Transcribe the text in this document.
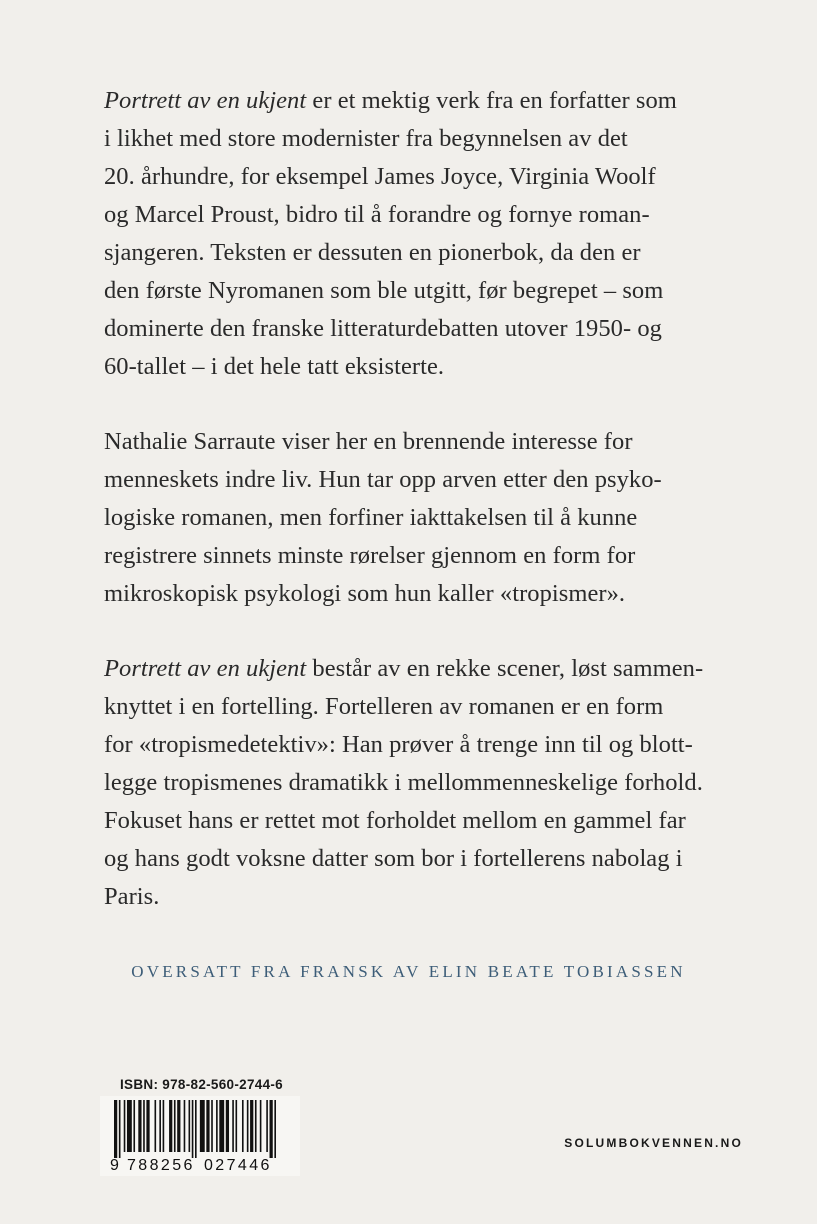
Portrett av en ukjent er et mektig verk fra en forfatter som
i likhet med store modernister fra begynnelsen av det
20. århundre, for eksempel James Joyce, Virginia Woolf
og Marcel Proust, bidro til å forandre og fornye roman-
sjangeren. Teksten er dessuten en pionerbok, da den er
den første Nyromanen som ble utgitt, før begrepet – som
dominerte den franske litteraturdebatten utover 1950- og
60-tallet – i det hele tatt eksisterte.
Nathalie Sarraute viser her en brennende interesse for
menneskets indre liv. Hun tar opp arven etter den psyko-
logiske romanen, men forfiner iakttakelsen til å kunne
registrere sinnets minste rørelser gjennom en form for
mikroskopisk psykologi som hun kaller «tropismer».
Portrett av en ukjent består av en rekke scener, løst sammen-
knyttet i en fortelling. Fortelleren av romanen er en form
for «tropismedetektiv»: Han prøver å trenge inn til og blott-
legge tropismenes dramatikk i mellommenneskelige forhold.
Fokuset hans er rettet mot forholdet mellom en gammel far
og hans godt voksne datter som bor i fortellerens nabolag i
Paris.
OVERSATT FRA FRANSK AV ELIN BEATE TOBIASSEN
ISBN: 978-82-560-2744-6
9 788256 027446
SOLUMBOKVENNEN.NO
